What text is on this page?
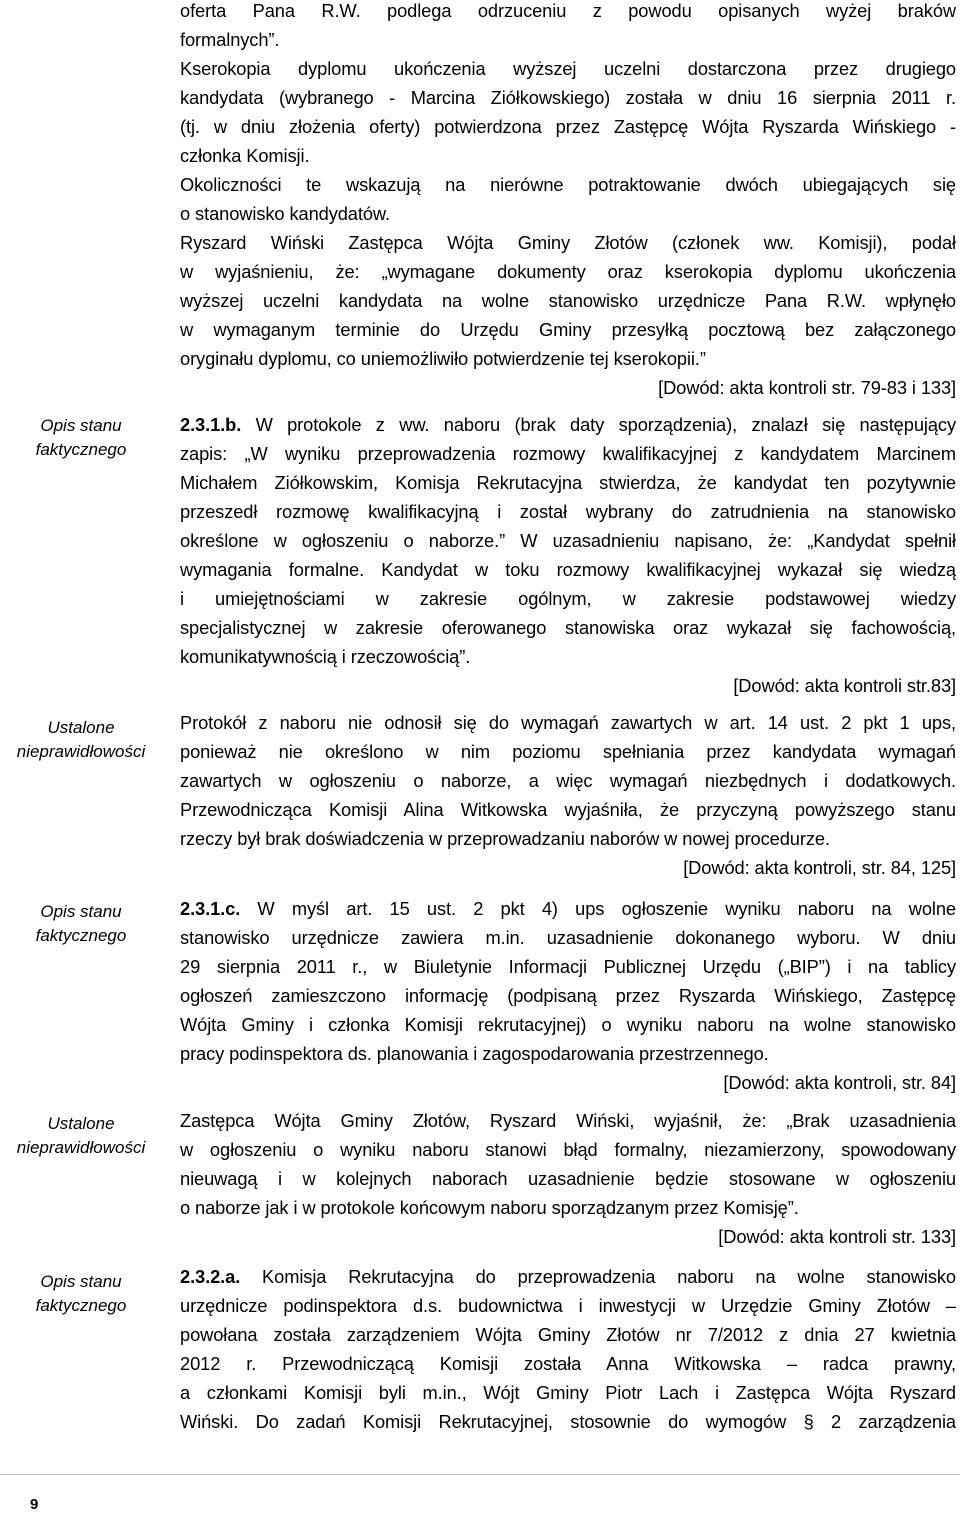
Opis stanu
faktycznego
Ustalone
nieprawidłowości
Opis stanu
faktycznego
Ustalone
nieprawidłowości
Opis stanu
faktycznego
oferta Pana R.W. podlega odrzuceniu z powodu opisanych wyżej braków
formalnych”.
Kserokopia dyplomu ukończenia wyższej uczelni dostarczona przez drugiego
kandydata (wybranego - Marcina Ziółkowskiego) została w dniu 16 sierpnia 2011 r.
(tj. w dniu złożenia oferty) potwierdzona przez Zastępcę Wójta Ryszarda Wińskiego -
członka Komisji.
Okoliczności te wskazują na nierówne potraktowanie dwóch ubiegających się
o stanowisko kandydatów.
Ryszard Wiński Zastępca Wójta Gminy Złotów (członek ww. Komisji), podał
w wyjaśnieniu, że: „wymagane dokumenty oraz kserokopia dyplomu ukończenia
wyższej uczelni kandydata na wolne stanowisko urzędnicze Pana R.W. wpłynęło
w wymaganym terminie do Urzędu Gminy przesyłką pocztową bez załączonego
oryginału dyplomu, co uniemożliwiło potwierdzenie tej kserokopii.”
[Dowód: akta kontroli str. 79-83 i 133]
2.3.1.b. W protokole z ww. naboru (brak daty sporządzenia), znalazł się następujący
zapis: „W wyniku przeprowadzenia rozmowy kwalifikacyjnej z kandydatem Marcinem
Michałem Ziółkowskim, Komisja Rekrutacyjna stwierdza, że kandydat ten pozytywnie
przeszedł rozmowę kwalifikacyjną i został wybrany do zatrudnienia na stanowisko
określone w ogłoszeniu o naborze.” W uzasadnieniu napisano, że: „Kandydat spełnił
wymagania formalne. Kandydat w toku rozmowy kwalifikacyjnej wykazał się wiedzą
i umiejętnościami w zakresie ogólnym, w zakresie podstawowej wiedzy
specjalistycznej w zakresie oferowanego stanowiska oraz wykazał się fachowością,
komunikatywnością i rzeczowością”.
[Dowód: akta kontroli str.83]
Protokół z naboru nie odnosił się do wymagań zawartych w art. 14 ust. 2 pkt 1 ups,
ponieważ nie określono w nim poziomu spełniania przez kandydata wymagań
zawartych w ogłoszeniu o naborze, a więc wymagań niezbędnych i dodatkowych.
Przewodnicząca Komisji Alina Witkowska wyjaśniła, że przyczyną powyższego stanu
rzeczy był brak doświadczenia w przeprowadzaniu naborów w nowej procedurze.
[Dowód: akta kontroli, str. 84, 125]
2.3.1.c. W myśl art. 15 ust. 2 pkt 4) ups ogłoszenie wyniku naboru na wolne
stanowisko urzędnicze zawiera m.in. uzasadnienie dokonanego wyboru. W dniu
29 sierpnia 2011 r., w Biuletynie Informacji Publicznej Urzędu („BIP”) i na tablicy
ogłoszeń zamieszczono informację (podpisaną przez Ryszarda Wińskiego, Zastępcę
Wójta Gminy i członka Komisji rekrutacyjnej) o wyniku naboru na wolne stanowisko
pracy podinspektora ds. planowania i zagospodarowania przestrzennego.
[Dowód: akta kontroli, str. 84]
Zastępca Wójta Gminy Złotów, Ryszard Wiński, wyjaśnił, że: „Brak uzasadnienia
w ogłoszeniu o wyniku naboru stanowi błąd formalny, niezamierzony, spowodowany
nieuwagą i w kolejnych naborach uzasadnienie będzie stosowane w ogłoszeniu
o naborze jak i w protokole końcowym naboru sporządzanym przez Komisję”.
[Dowód: akta kontroli str. 133]
2.3.2.a. Komisja Rekrutacyjna do przeprowadzenia naboru na wolne stanowisko
urzędnicze podinspektora d.s. budownictwa i inwestycji w Urzędzie Gminy Złotów –
powołana została zarządzeniem Wójta Gminy Złotów nr 7/2012 z dnia 27 kwietnia
2012 r. Przewodniczącą Komisji została Anna Witkowska – radca prawny,
a członkami Komisji byli m.in., Wójt Gminy Piotr Lach i Zastępca Wójta Ryszard
Wiński. Do zadań Komisji Rekrutacyjnej, stosownie do wymogów § 2 zarządzenia
9
